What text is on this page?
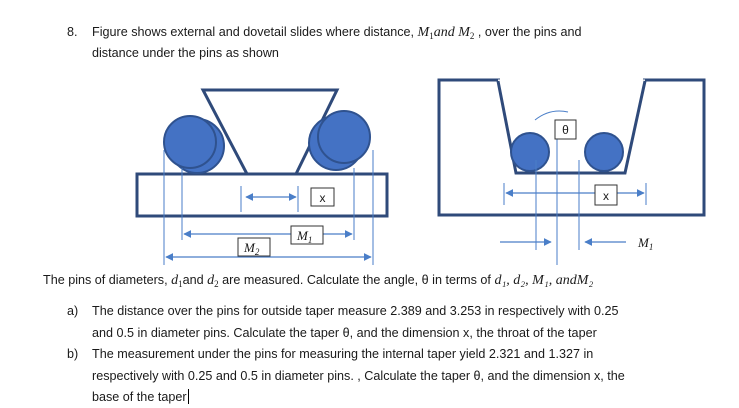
8. Figure shows external and dovetail slides where distance, $M_1and$ $M_2$ , over the pins and
distance under the pins as shown
x
$M_1$
$M_2$
θ
x
$M_1$
The pins of diameters, $d_1and$ $d_2$ are measured. Calculate the angle, θ in terms of d₁, d₂, M₁, andM₂
a) The distance over the pins for outside taper measure 2.389 and 3.253 in respectively with 0.25
and 0.5 in diameter pins. Calculate the taper θ, and the dimension x, the throat of the taper
b) The measurement under the pins for measuring the internal taper yield 2.321 and 1.327 in
respectively with 0.25 and 0.5 in diameter pins. , Calculate the taper θ, and the dimension x, the
base of the taper
